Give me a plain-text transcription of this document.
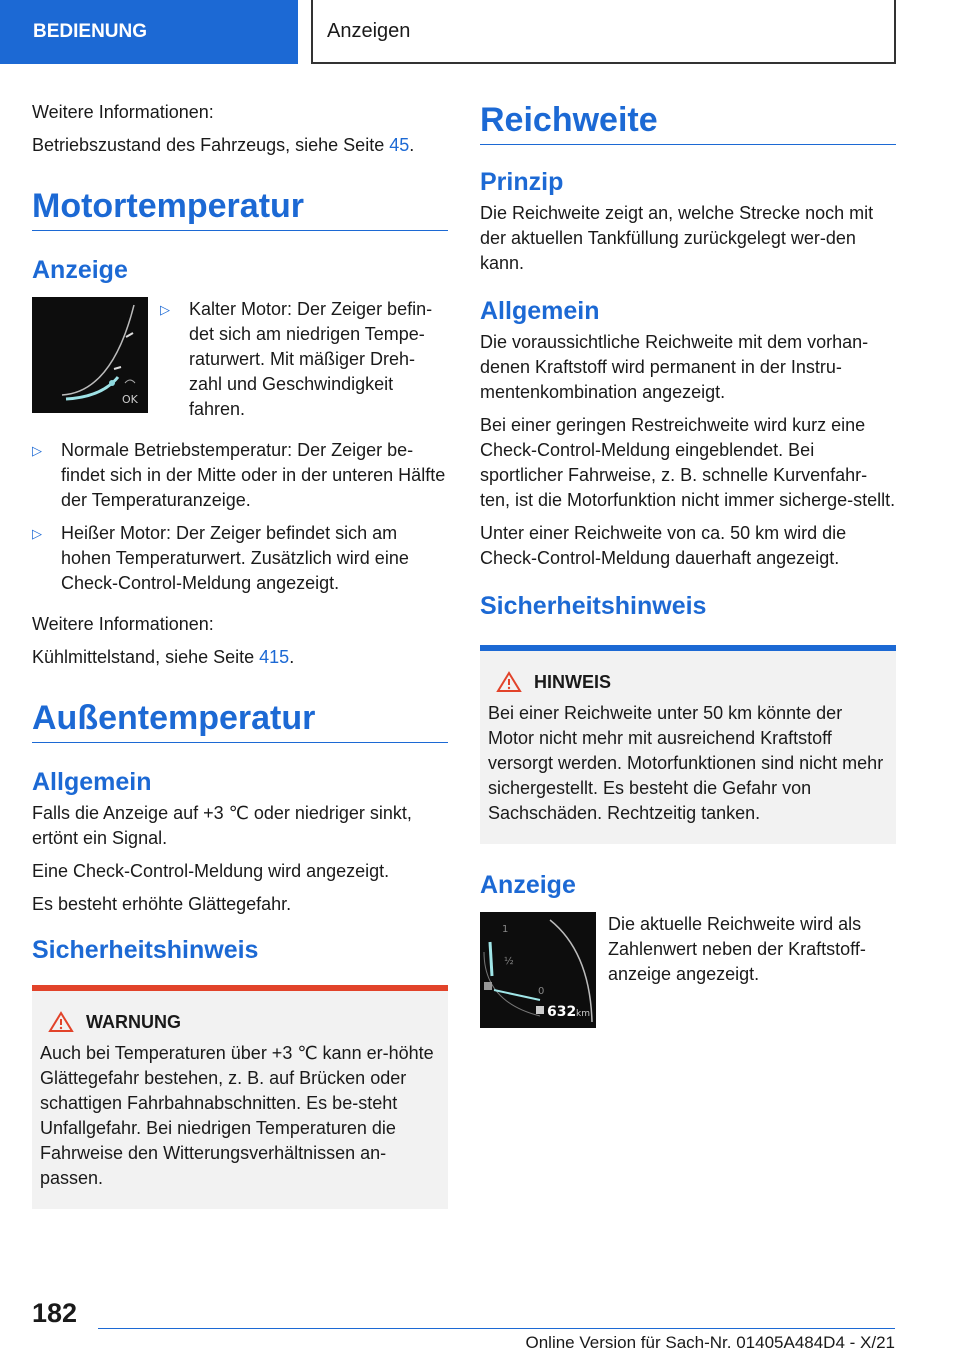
BEDIENUNG	Anzeigen

Weitere Informationen:

Betriebszustand des Fahrzeugs, siehe Seite 45.

Motortemperatur
Anzeige
OK
▷ Kalter Motor: Der Zeiger befin-det sich am niedrigen Tempe-raturwert. Mit mäßiger Dreh-zahl und Geschwindigkeit fahren.
▷ Normale Betriebstemperatur: Der Zeiger be-findet sich in der Mitte oder in der unteren Hälfte der Temperaturanzeige.
▷ Heißer Motor: Der Zeiger befindet sich am hohen Temperaturwert. Zusätzlich wird eine Check-Control-Meldung angezeigt.

Weitere Informationen:

Kühlmittelstand, siehe Seite 415.

Außentemperatur
Allgemein

Falls die Anzeige auf +3 ℃ oder niedriger sinkt, ertönt ein Signal.

Eine Check-Control-Meldung wird angezeigt.

Es besteht erhöhte Glättegefahr.

Sicherheitshinweis
WARNUNG

Auch bei Temperaturen über +3 ℃ kann er-höhte Glättegefahr bestehen, z. B. auf Brücken oder schattigen Fahrbahnabschnitten. Es be-steht Unfallgefahr. Bei niedrigen Temperaturen die Fahrweise den Witterungsverhältnissen an-passen.

Reichweite
Prinzip

Die Reichweite zeigt an, welche Strecke noch mit der aktuellen Tankfüllung zurückgelegt wer-den kann.

Allgemein

Die voraussichtliche Reichweite mit dem vorhan-denen Kraftstoff wird permanent in der Instru-mentenkombination angezeigt.

Bei einer geringen Restreichweite wird kurz eine Check-Control-Meldung eingeblendet. Bei sportlicher Fahrweise, z. B. schnelle Kurvenfahr-ten, ist die Motorfunktion nicht immer sicherge-stellt.

Unter einer Reichweite von ca. 50 km wird die Check-Control-Meldung dauerhaft angezeigt.

Sicherheitshinweis
HINWEIS

Bei einer Reichweite unter 50 km könnte der Motor nicht mehr mit ausreichend Kraftstoff versorgt werden. Motorfunktionen sind nicht mehr sichergestellt. Es besteht die Gefahr von Sachschäden. Rechtzeitig tanken.

Anzeige
1
½
0
632 km

Die aktuelle Reichweite wird als Zahlenwert neben der Kraftstoff-anzeige angezeigt.

182
Online Version für Sach-Nr. 01405A484D4 - X/21
